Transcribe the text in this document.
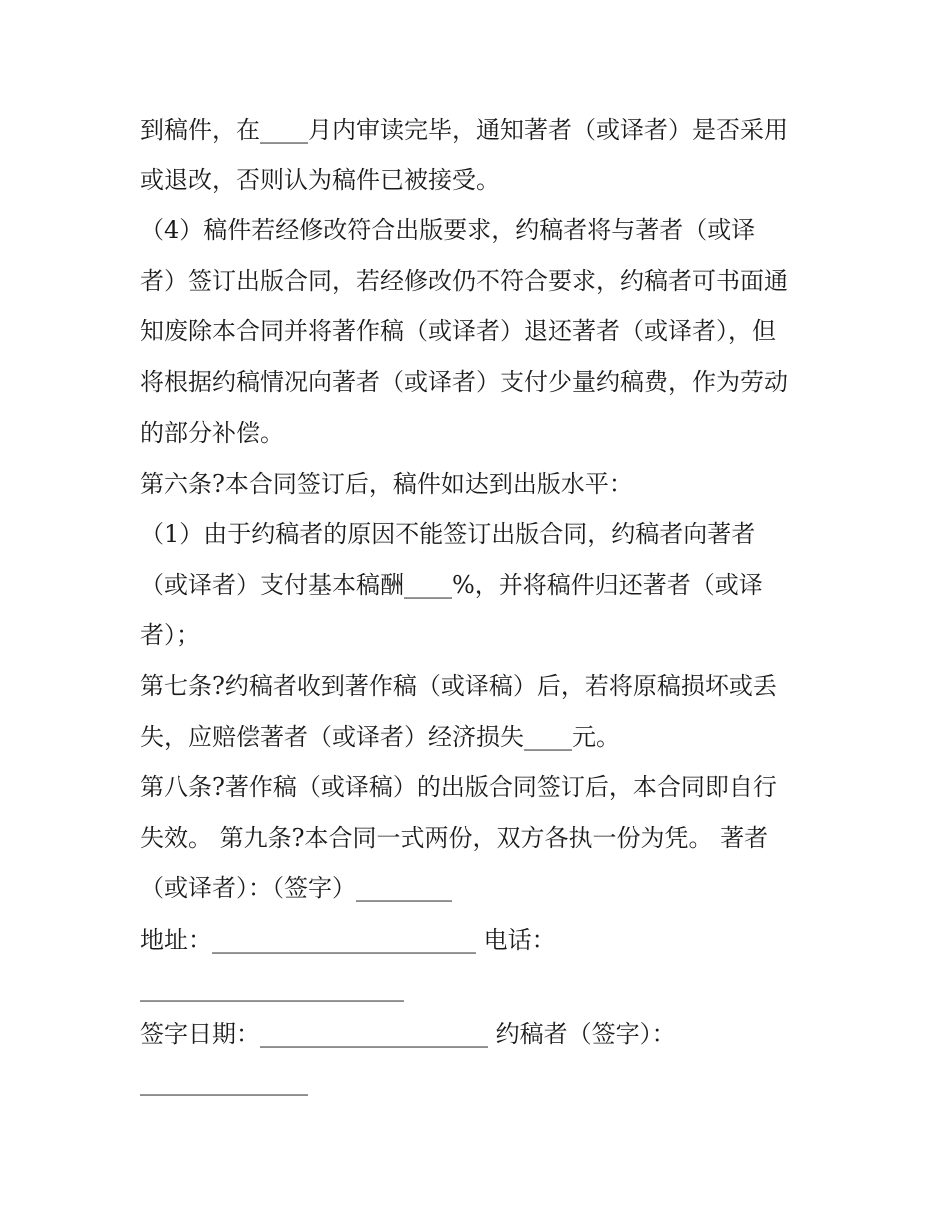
到稿件，在____月内审读完毕，通知著者（或译者）是否采用
或退改，否则认为稿件已被接受。
（4）稿件若经修改符合出版要求，约稿者将与著者（或译
者）签订出版合同，若经修改仍不符合要求，约稿者可书面通
知废除本合同并将著作稿（或译者）退还著者（或译者），但
将根据约稿情况向著者（或译者）支付少量约稿费，作为劳动
的部分补偿。
第六条?本合同签订后，稿件如达到出版水平：
（1）由于约稿者的原因不能签订出版合同，约稿者向著者
（或译者）支付基本稿酬____%，并将稿件归还著者（或译
者）；
第七条?约稿者收到著作稿（或译稿）后，若将原稿损坏或丢
失，应赔偿著者（或译者）经济损失____元。
第八条?著作稿（或译稿）的出版合同签订后，本合同即自行
失效。 第九条?本合同一式两份，双方各执一份为凭。 著者
（或译者）：（签字）________
地址：______________________ 电话：
______________________
签字日期：___________________ 约稿者（签字）：
______________
